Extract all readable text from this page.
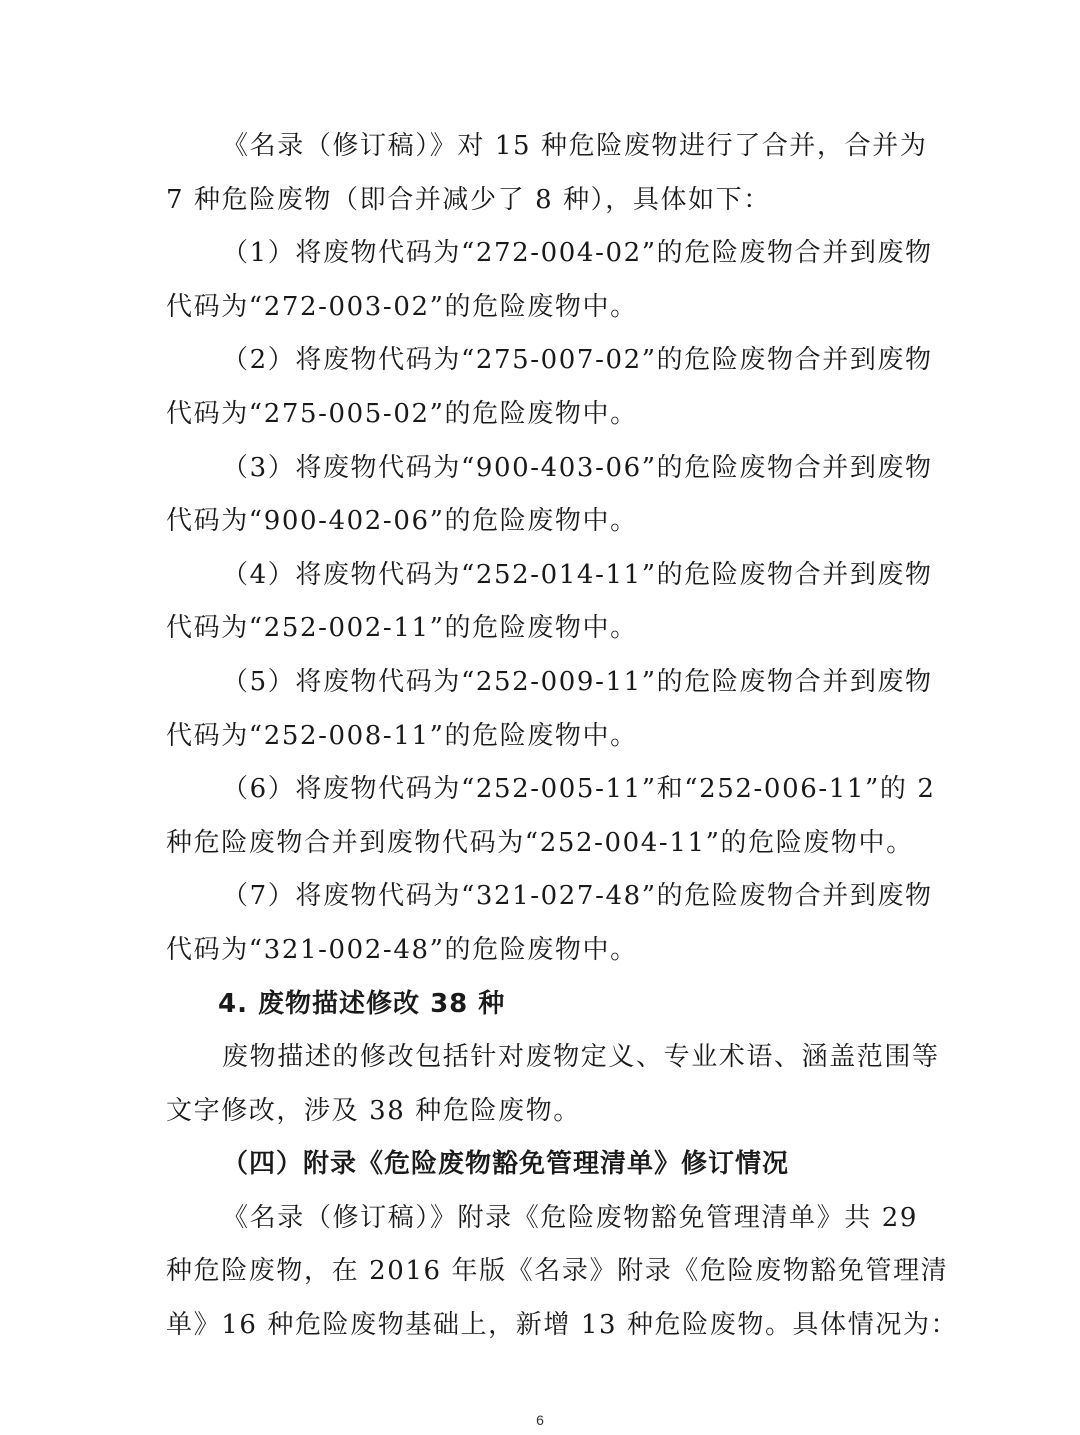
《名录（修订稿）》对 15 种危险废物进行了合并，合并为

7 种危险废物（即合并减少了 8 种），具体如下：

（1）将废物代码为“272-004-02”的危险废物合并到废物

代码为“272-003-02”的危险废物中。

（2）将废物代码为“275-007-02”的危险废物合并到废物

代码为“275-005-02”的危险废物中。

（3）将废物代码为“900-403-06”的危险废物合并到废物

代码为“900-402-06”的危险废物中。

（4）将废物代码为“252-014-11”的危险废物合并到废物

代码为“252-002-11”的危险废物中。

（5）将废物代码为“252-009-11”的危险废物合并到废物

代码为“252-008-11”的危险废物中。

（6）将废物代码为“252-005-11”和“252-006-11”的 2

种危险废物合并到废物代码为“252-004-11”的危险废物中。

（7）将废物代码为“321-027-48”的危险废物合并到废物

代码为“321-002-48”的危险废物中。

4. 废物描述修改 38 种

废物描述的修改包括针对废物定义、专业术语、涵盖范围等

文字修改，涉及 38 种危险废物。

（四）附录《危险废物豁免管理清单》修订情况

《名录（修订稿）》附录《危险废物豁免管理清单》共 29

种危险废物，在 2016 年版《名录》附录《危险废物豁免管理清

单》16 种危险废物基础上，新增 13 种危险废物。具体情况为：

6
